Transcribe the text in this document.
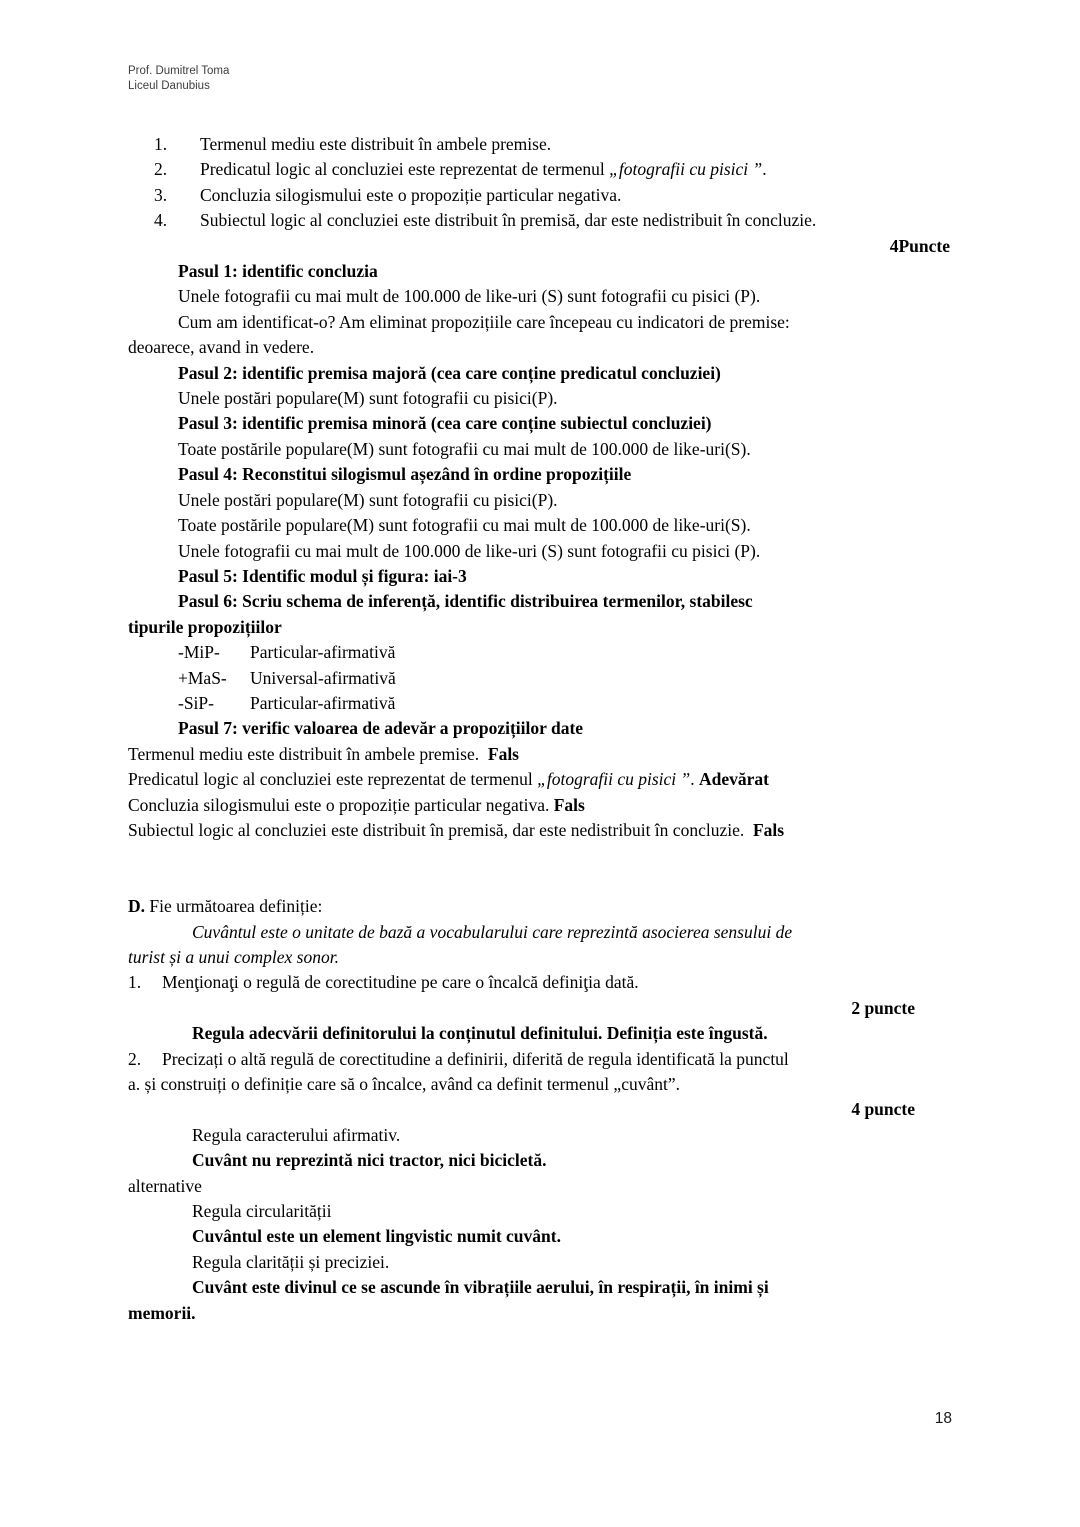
Prof. Dumitrel Toma
Liceul Danubius
1. Termenul mediu este distribuit în ambele premise.
2. Predicatul logic al concluziei este reprezentat de termenul „fotografii cu pisici ”.
3. Concluzia silogismului este o propoziție particular negativa.
4. Subiectul logic al concluziei este distribuit în premisă, dar este nedistribuit în concluzie.
4Puncte
Pasul 1: identific concluzia
Unele fotografii cu mai mult de 100.000 de like-uri (S) sunt fotografii cu pisici (P).
Cum am identificat-o? Am eliminat propozițiile care începeau cu indicatori de premise:
deoarece, avand in vedere.
Pasul 2: identific premisa majoră (cea care conține predicatul concluziei)
Unele postări populare(M) sunt fotografii cu pisici(P).
Pasul 3: identific premisa minoră (cea care conține subiectul concluziei)
Toate postările populare(M) sunt fotografii cu mai mult de 100.000 de like-uri(S).
Pasul 4: Reconstitui silogismul așezând în ordine propozițiile
Unele postări populare(M) sunt fotografii cu pisici(P).
Toate postările populare(M) sunt fotografii cu mai mult de 100.000 de like-uri(S).
Unele fotografii cu mai mult de 100.000 de like-uri (S) sunt fotografii cu pisici (P).
Pasul 5: Identific modul și figura: iai-3
Pasul 6: Scriu schema de inferență, identific distribuirea termenilor, stabilesc
tipurile propozițiilor
-MiP- Particular-afirmativă
+MaS- Universal-afirmativă
-SiP- Particular-afirmativă
Pasul 7: verific valoarea de adevăr a propozițiilor date
Termenul mediu este distribuit în ambele premise.  Fals
Predicatul logic al concluziei este reprezentat de termenul „fotografii cu pisici ”. Adevărat
Concluzia silogismului este o propoziție particular negativa. Fals
Subiectul logic al concluziei este distribuit în premisă, dar este nedistribuit în concluzie.  Fals

D. Fie următoarea definiție:
Cuvântul este o unitate de bază a vocabularului care reprezintă asocierea sensului de
turist și a unui complex sonor.
1. Menţionaţi o regulă de corectitudine pe care o încalcă definiţia dată.
2 puncte
Regula adecvării definitorului la conținutul definitului. Definiția este îngustă.
2. Precizați o altă regulă de corectitudine a definirii, diferită de regula identificată la punctul
a. și construiți o definiție care să o încalce, având ca definit termenul „cuvânt”.
4 puncte
Regula caracterului afirmativ.
Cuvânt nu reprezintă nici tractor, nici bicicletă.
alternative
Regula circularității
Cuvântul este un element lingvistic numit cuvânt.
Regula clarității și preciziei.
Cuvânt este divinul ce se ascunde în vibrațiile aerului, în respirații, în inimi și
memorii.
18
